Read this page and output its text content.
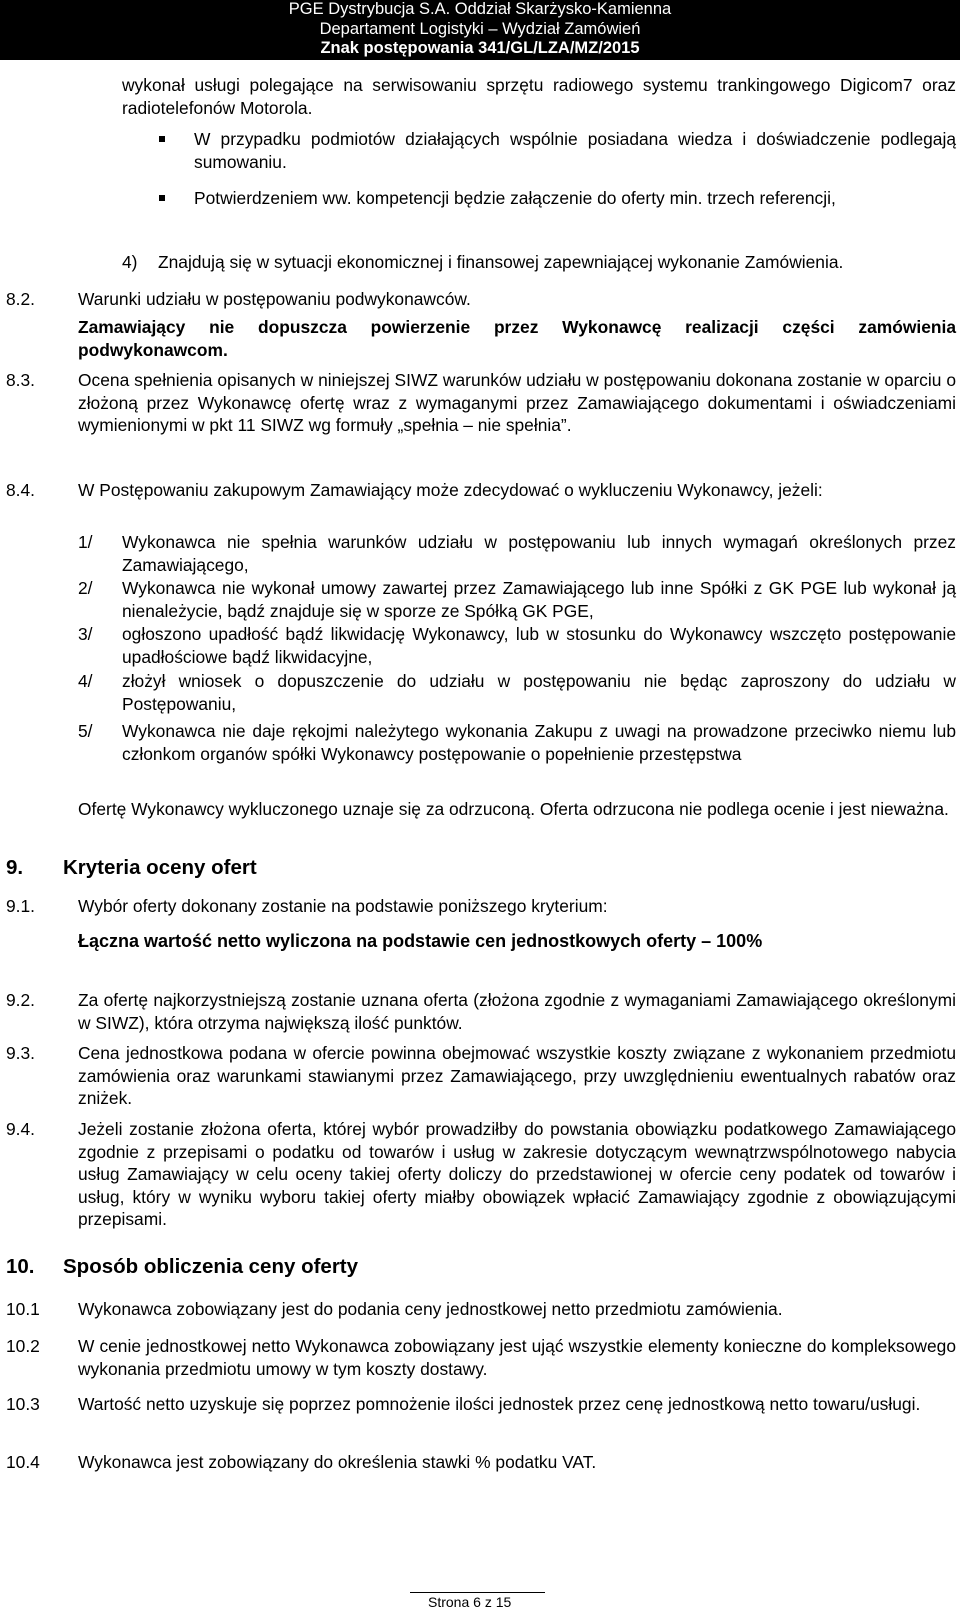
PGE Dystrybucja S.A. Oddział Skarżysko-Kamienna
Departament Logistyki – Wydział Zamówień
Znak postępowania 341/GL/LZA/MZ/2015
wykonał usługi polegające na serwisowaniu sprzętu radiowego systemu trankingowego Digicom7 oraz radiotelefonów Motorola.
W przypadku podmiotów działających wspólnie posiadana wiedza i doświadczenie podlegają sumowaniu.
Potwierdzeniem ww. kompetencji będzie załączenie do oferty min. trzech referencji,
4) Znajdują się w sytuacji ekonomicznej i finansowej zapewniającej wykonanie Zamówienia.
8.2. Warunki udziału w postępowaniu podwykonawców.
Zamawiający nie dopuszcza powierzenie przez Wykonawcę realizacji części zamówienia podwykonawcom.
8.3. Ocena spełnienia opisanych w niniejszej SIWZ warunków udziału w postępowaniu dokonana zostanie w oparciu o złożoną przez Wykonawcę ofertę wraz z wymaganymi przez Zamawiającego dokumentami i oświadczeniami wymienionymi w pkt 11 SIWZ wg formuły „spełnia – nie spełnia”.
8.4. W Postępowaniu zakupowym Zamawiający może zdecydować o wykluczeniu Wykonawcy, jeżeli:
1/ Wykonawca nie spełnia warunków udziału w postępowaniu lub innych wymagań określonych przez Zamawiającego,
2/ Wykonawca nie wykonał umowy zawartej przez Zamawiającego lub inne Spółki z GK PGE lub wykonał ją nienależycie, bądź znajduje się w sporze ze Spółką GK PGE,
3/ ogłoszono upadłość bądź likwidację Wykonawcy, lub w stosunku do Wykonawcy wszczęto postępowanie upadłościowe bądź likwidacyjne,
4/ złożył wniosek o dopuszczenie do udziału w postępowaniu nie będąc zaproszony do udziału w Postępowaniu,
5/ Wykonawca nie daje rękojmi należytego wykonania Zakupu z uwagi na prowadzone przeciwko niemu lub członkom organów spółki Wykonawcy postępowanie o popełnienie przestępstwa
Ofertę Wykonawcy wykluczonego uznaje się za odrzuconą. Oferta odrzucona nie podlega ocenie i jest nieważna.
9. Kryteria oceny ofert
9.1. Wybór oferty dokonany zostanie na podstawie poniższego kryterium:
Łączna wartość netto wyliczona na podstawie cen jednostkowych oferty – 100%
9.2. Za ofertę najkorzystniejszą zostanie uznana oferta (złożona zgodnie z wymaganiami Zamawiającego określonymi w SIWZ), która otrzyma największą ilość punktów.
9.3. Cena jednostkowa podana w ofercie powinna obejmować wszystkie koszty związane z wykonaniem przedmiotu zamówienia oraz warunkami stawianymi przez Zamawiającego, przy uwzględnieniu ewentualnych rabatów oraz zniżek.
9.4. Jeżeli zostanie złożona oferta, której wybór prowadziłby do powstania obowiązku podatkowego Zamawiającego zgodnie z przepisami o podatku od towarów i usług w zakresie dotyczącym wewnątrzwspólnotowego nabycia usług Zamawiający w celu oceny takiej oferty doliczy do przedstawionej w ofercie ceny podatek od towarów i usług, który w wyniku wyboru takiej oferty miałby obowiązek wpłacić Zamawiający zgodnie z obowiązującymi przepisami.
10. Sposób obliczenia ceny oferty
10.1 Wykonawca zobowiązany jest do podania ceny jednostkowej netto przedmiotu zamówienia.
10.2 W cenie jednostkowej netto Wykonawca zobowiązany jest ująć wszystkie elementy konieczne do kompleksowego wykonania przedmiotu umowy w tym koszty dostawy.
10.3 Wartość netto uzyskuje się poprzez pomnożenie ilości jednostek przez cenę jednostkową netto towaru/usługi.
10.4 Wykonawca jest zobowiązany do określenia stawki % podatku VAT.
Strona 6 z 15
